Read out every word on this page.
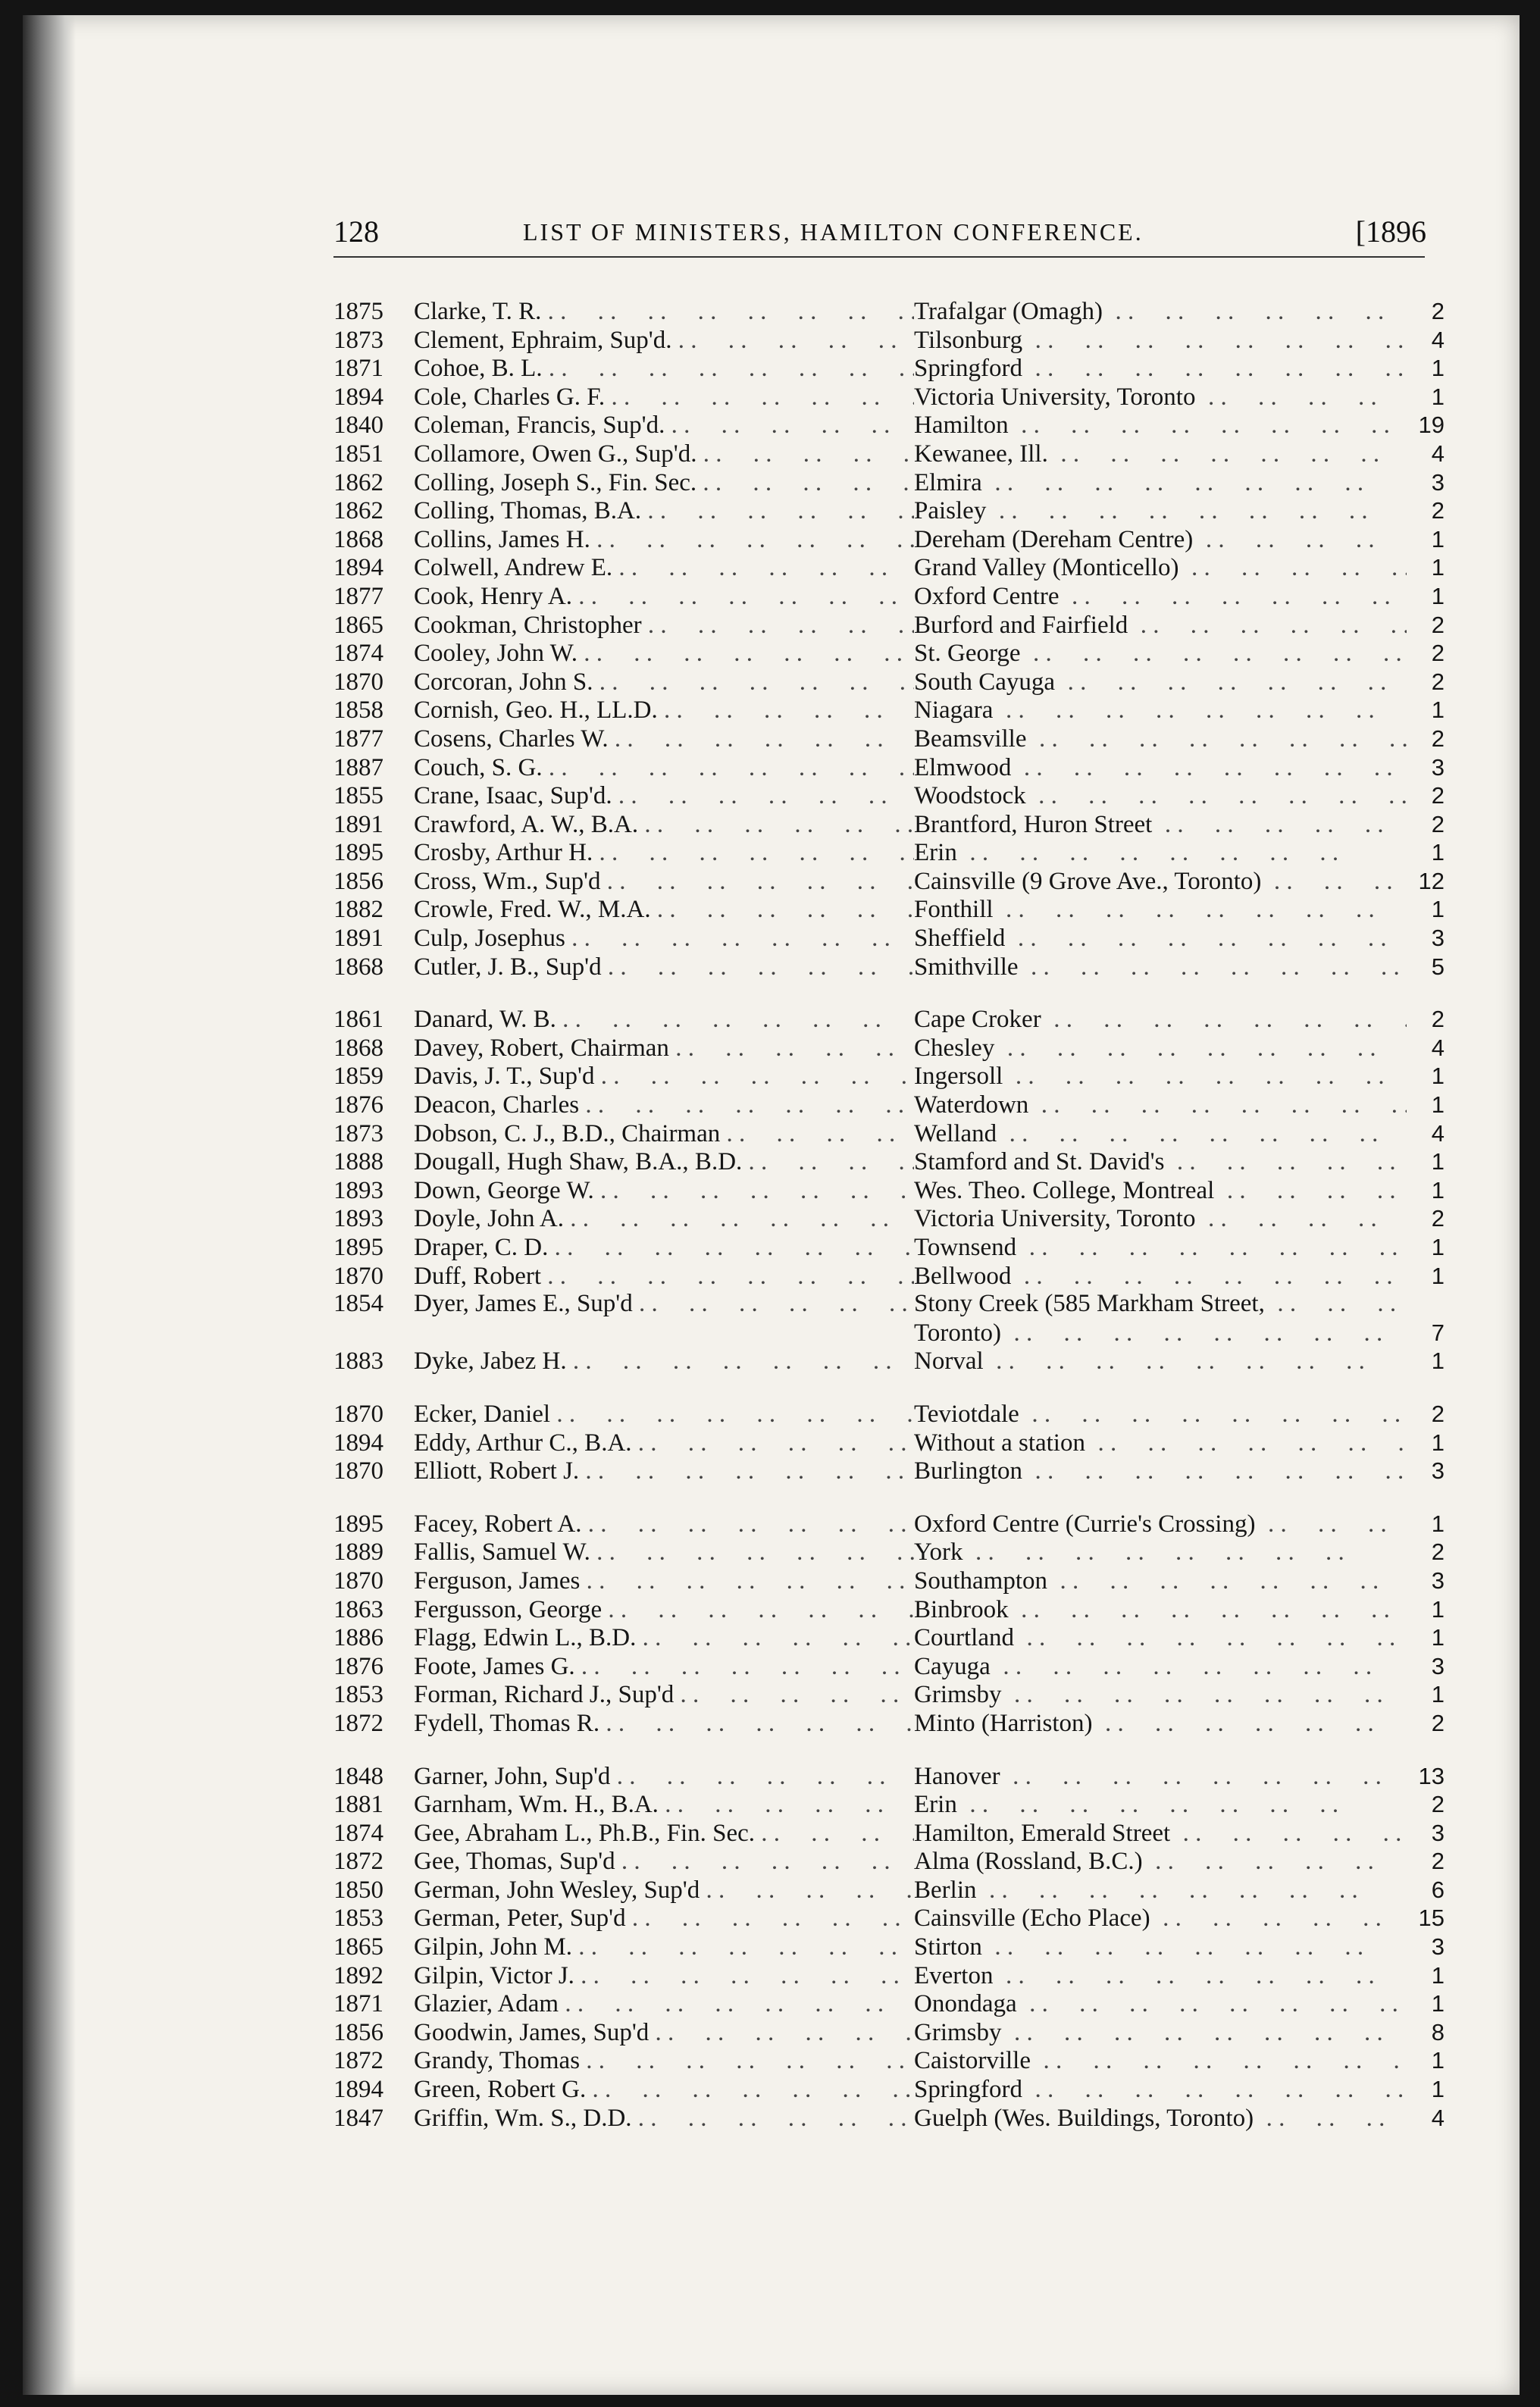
128	LIST OF MINISTERS, HAMILTON CONFERENCE.	[1896
1875	Clarke, T. R. . .	Trafalgar (Omagh) . .	2
1873	Clement, Ephraim, Sup'd. . .	Tilsonburg . .	4
1871	Cohoe, B. L. . .	Springford . .	1
1894	Cole, Charles G. F. . .	Victoria University, Toronto . .	1
1840	Coleman, Francis, Sup'd. . .	Hamilton . .	19
1851	Collamore, Owen G., Sup'd. . .	Kewanee, Ill. . .	4
1862	Colling, Joseph S., Fin. Sec. . .	Elmira . .	3
1862	Colling, Thomas, B.A. . .	Paisley . .	2
1868	Collins, James H. . .	Dereham (Dereham Centre) . .	1
1894	Colwell, Andrew E. . .	Grand Valley (Monticello) . .	1
1877	Cook, Henry A. . .	Oxford Centre . .	1
1865	Cookman, Christopher . .	Burford and Fairfield . .	2
1874	Cooley, John W. . .	St. George . .	2
1870	Corcoran, John S. . .	South Cayuga . .	2
1858	Cornish, Geo. H., LL.D. . .	Niagara . .	1
1877	Cosens, Charles W. . .	Beamsville . .	2
1887	Couch, S. G. . .	Elmwood . .	3
1855	Crane, Isaac, Sup'd. . .	Woodstock . .	2
1891	Crawford, A. W., B.A. . .	Brantford, Huron Street . .	2
1895	Crosby, Arthur H. . .	Erin . .	1
1856	Cross, Wm., Sup'd . .	Cainsville (9 Grove Ave., Toronto) . .	12
1882	Crowle, Fred. W., M.A. . .	Fonthill . .	1
1891	Culp, Josephus . .	Sheffield . .	3
1868	Cutler, J. B., Sup'd . .	Smithville . .	5
1861	Danard, W. B. . .	Cape Croker . .	2
1868	Davey, Robert, Chairman . .	Chesley . .	4
1859	Davis, J. T., Sup'd . .	Ingersoll . .	1
1876	Deacon, Charles . .	Waterdown . .	1
1873	Dobson, C. J., B.D., Chairman . .	Welland . .	4
1888	Dougall, Hugh Shaw, B.A., B.D. . .	Stamford and St. David's . .	1
1893	Down, George W. . .	Wes. Theo. College, Montreal . .	1
1893	Doyle, John A. . .	Victoria University, Toronto . .	2
1895	Draper, C. D. . .	Townsend . .	1
1870	Duff, Robert . .	Bellwood . .	1
1854	Dyer, James E., Sup'd . .	Stony Creek (585 Markham Street, . .
Toronto) . .	7
1883	Dyke, Jabez H. . .	Norval . .	1
1870	Ecker, Daniel . .	Teviotdale . .	2
1894	Eddy, Arthur C., B.A. . .	Without a station . .	1
1870	Elliott, Robert J. . .	Burlington . .	3
1895	Facey, Robert A. . .	Oxford Centre (Currie's Crossing) . .	1
1889	Fallis, Samuel W. . .	York . .	2
1870	Ferguson, James . .	Southampton . .	3
1863	Fergusson, George . .	Binbrook . .	1
1886	Flagg, Edwin L., B.D. . .	Courtland . .	1
1876	Foote, James G. . .	Cayuga . .	3
1853	Forman, Richard J., Sup'd . .	Grimsby . .	1
1872	Fydell, Thomas R. . .	Minto (Harriston) . .	2
1848	Garner, John, Sup'd . .	Hanover . .	13
1881	Garnham, Wm. H., B.A. . .	Erin . .	2
1874	Gee, Abraham L., Ph.B., Fin. Sec. . .	Hamilton, Emerald Street . .	3
1872	Gee, Thomas, Sup'd . .	Alma (Rossland, B.C.) . .	2
1850	German, John Wesley, Sup'd . .	Berlin . .	6
1853	German, Peter, Sup'd . .	Cainsville (Echo Place) . .	15
1865	Gilpin, John M. . .	Stirton . .	3
1892	Gilpin, Victor J. . .	Everton . .	1
1871	Glazier, Adam . .	Onondaga . .	1
1856	Goodwin, James, Sup'd . .	Grimsby . .	8
1872	Grandy, Thomas . .	Caistorville . .	1
1894	Green, Robert G. . .	Springford . .	1
1847	Griffin, Wm. S., D.D. . .	Guelph (Wes. Buildings, Toronto) . .	4
